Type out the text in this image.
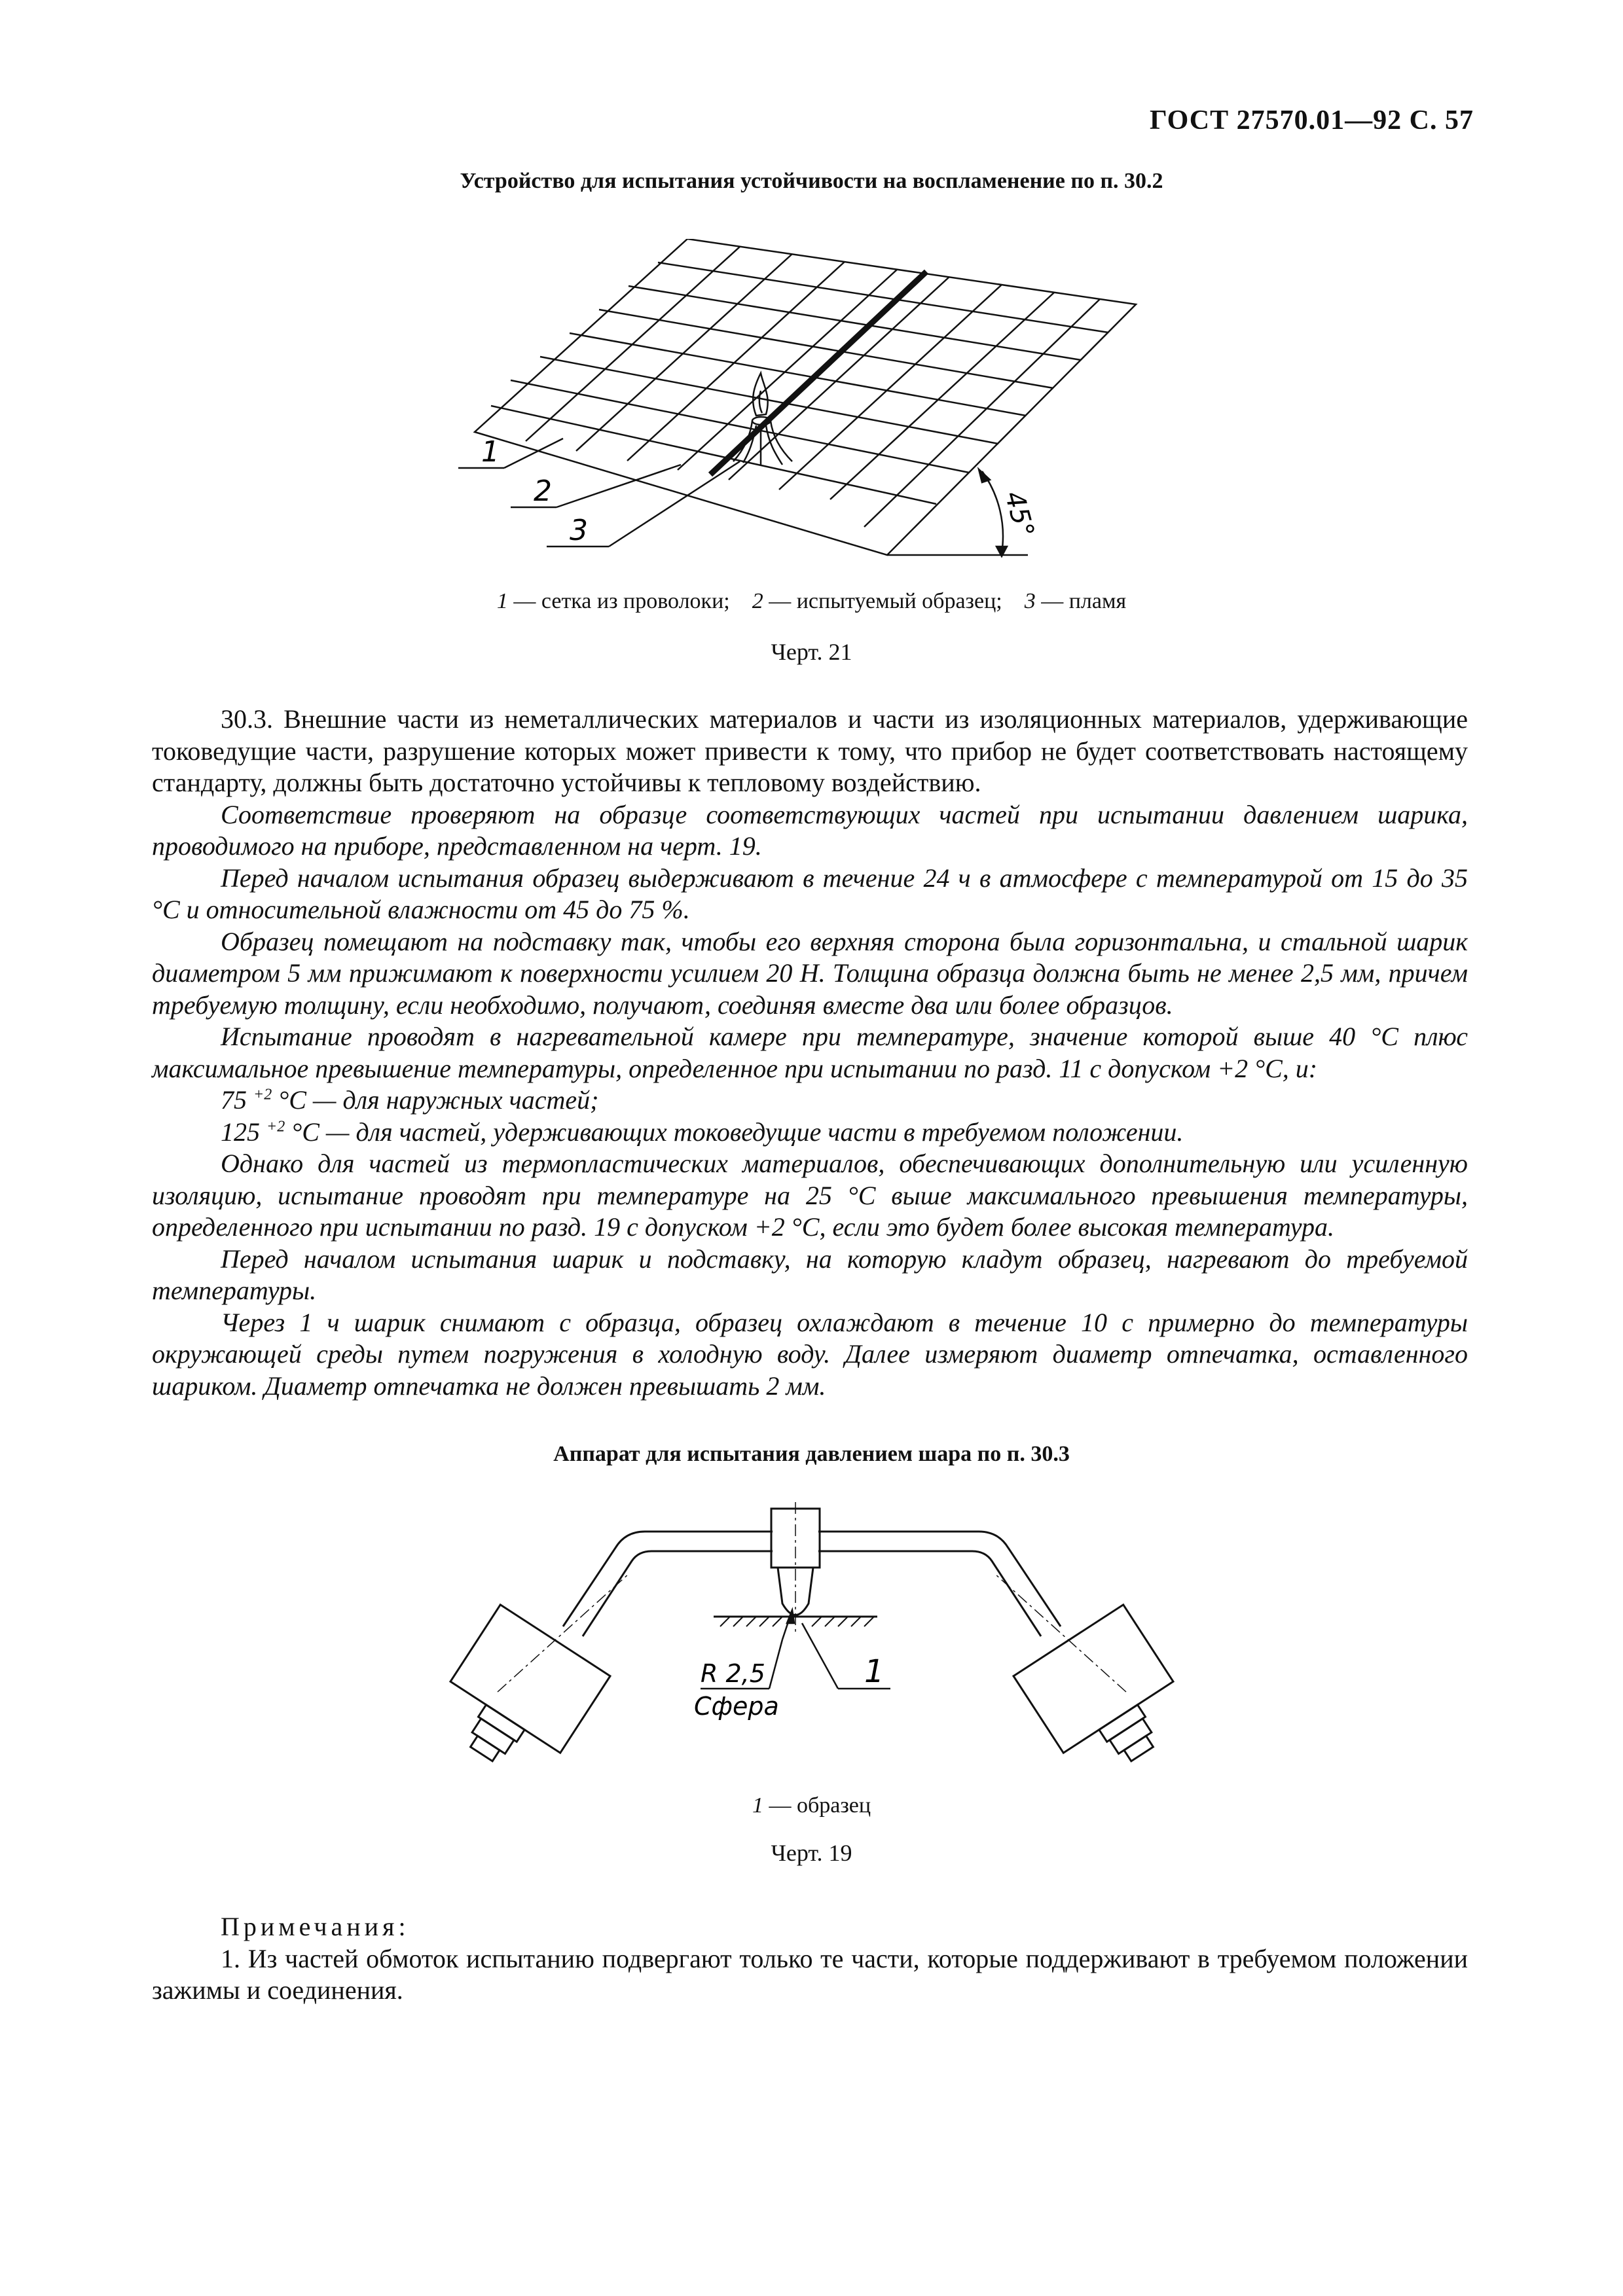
ГОСТ 27570.01—92 С. 57
Устройство для испытания устойчивости на воспламенение по п. 30.2
1
2
3	45°
1 — сетка из проволоки; 2 — испытуемый образец; 3 — пламя
Черт. 21

30.3. Внешние части из неметаллических материалов и части из изоляционных материалов, удерживающие токоведущие части, разрушение которых может привести к тому, что прибор не будет соответствовать настоящему стандарту, должны быть достаточно устойчивы к тепловому воздействию.

Соответствие проверяют на образце соответствующих частей при испытании давлением шарика, проводимого на приборе, представленном на черт. 19.

Перед началом испытания образец выдерживают в течение 24 ч в атмосфере с температурой от 15 до 35 °С и относительной влажности от 45 до 75 %.

Образец помещают на подставку так, чтобы его верхняя сторона была горизонтальна, и стальной шарик диаметром 5 мм прижимают к поверхности усилием 20 Н. Толщина образца должна быть не менее 2,5 мм, причем требуемую толщину, если необходимо, получают, соединяя вместе два или более образцов.

Испытание проводят в нагревательной камере при температуре, значение которой выше 40 °С плюс максимальное превышение температуры, определенное при испытании по разд. 11 с допуском +2 °С, и:

75 $^{+2}$ °С — для наружных частей;

125 $^{+2}$ °С — для частей, удерживающих токоведущие части в требуемом положении.

Однако для частей из термопластических материалов, обеспечивающих дополнительную или усиленную изоляцию, испытание проводят при температуре на 25 °С выше максимального превышения температуры, определенного при испытании по разд. 19 с допуском +2 °С, если это будет более высокая температура.

Перед началом испытания шарик и подставку, на которую кладут образец, нагревают до требуемой температуры.

Через 1 ч шарик снимают с образца, образец охлаждают в течение 10 с примерно до температуры окружающей среды путем погружения в холодную воду. Далее измеряют диаметр отпечатка, оставленного шариком. Диаметр отпечатка не должен превышать 2 мм.

Аппарат для испытания давлением шара по п. 30.3
R 2,5
Сфера
1
1 — образец
Черт. 19

Примечания:

1. Из частей обмоток испытанию подвергают только те части, которые поддерживают в требуемом положении зажимы и соединения.
